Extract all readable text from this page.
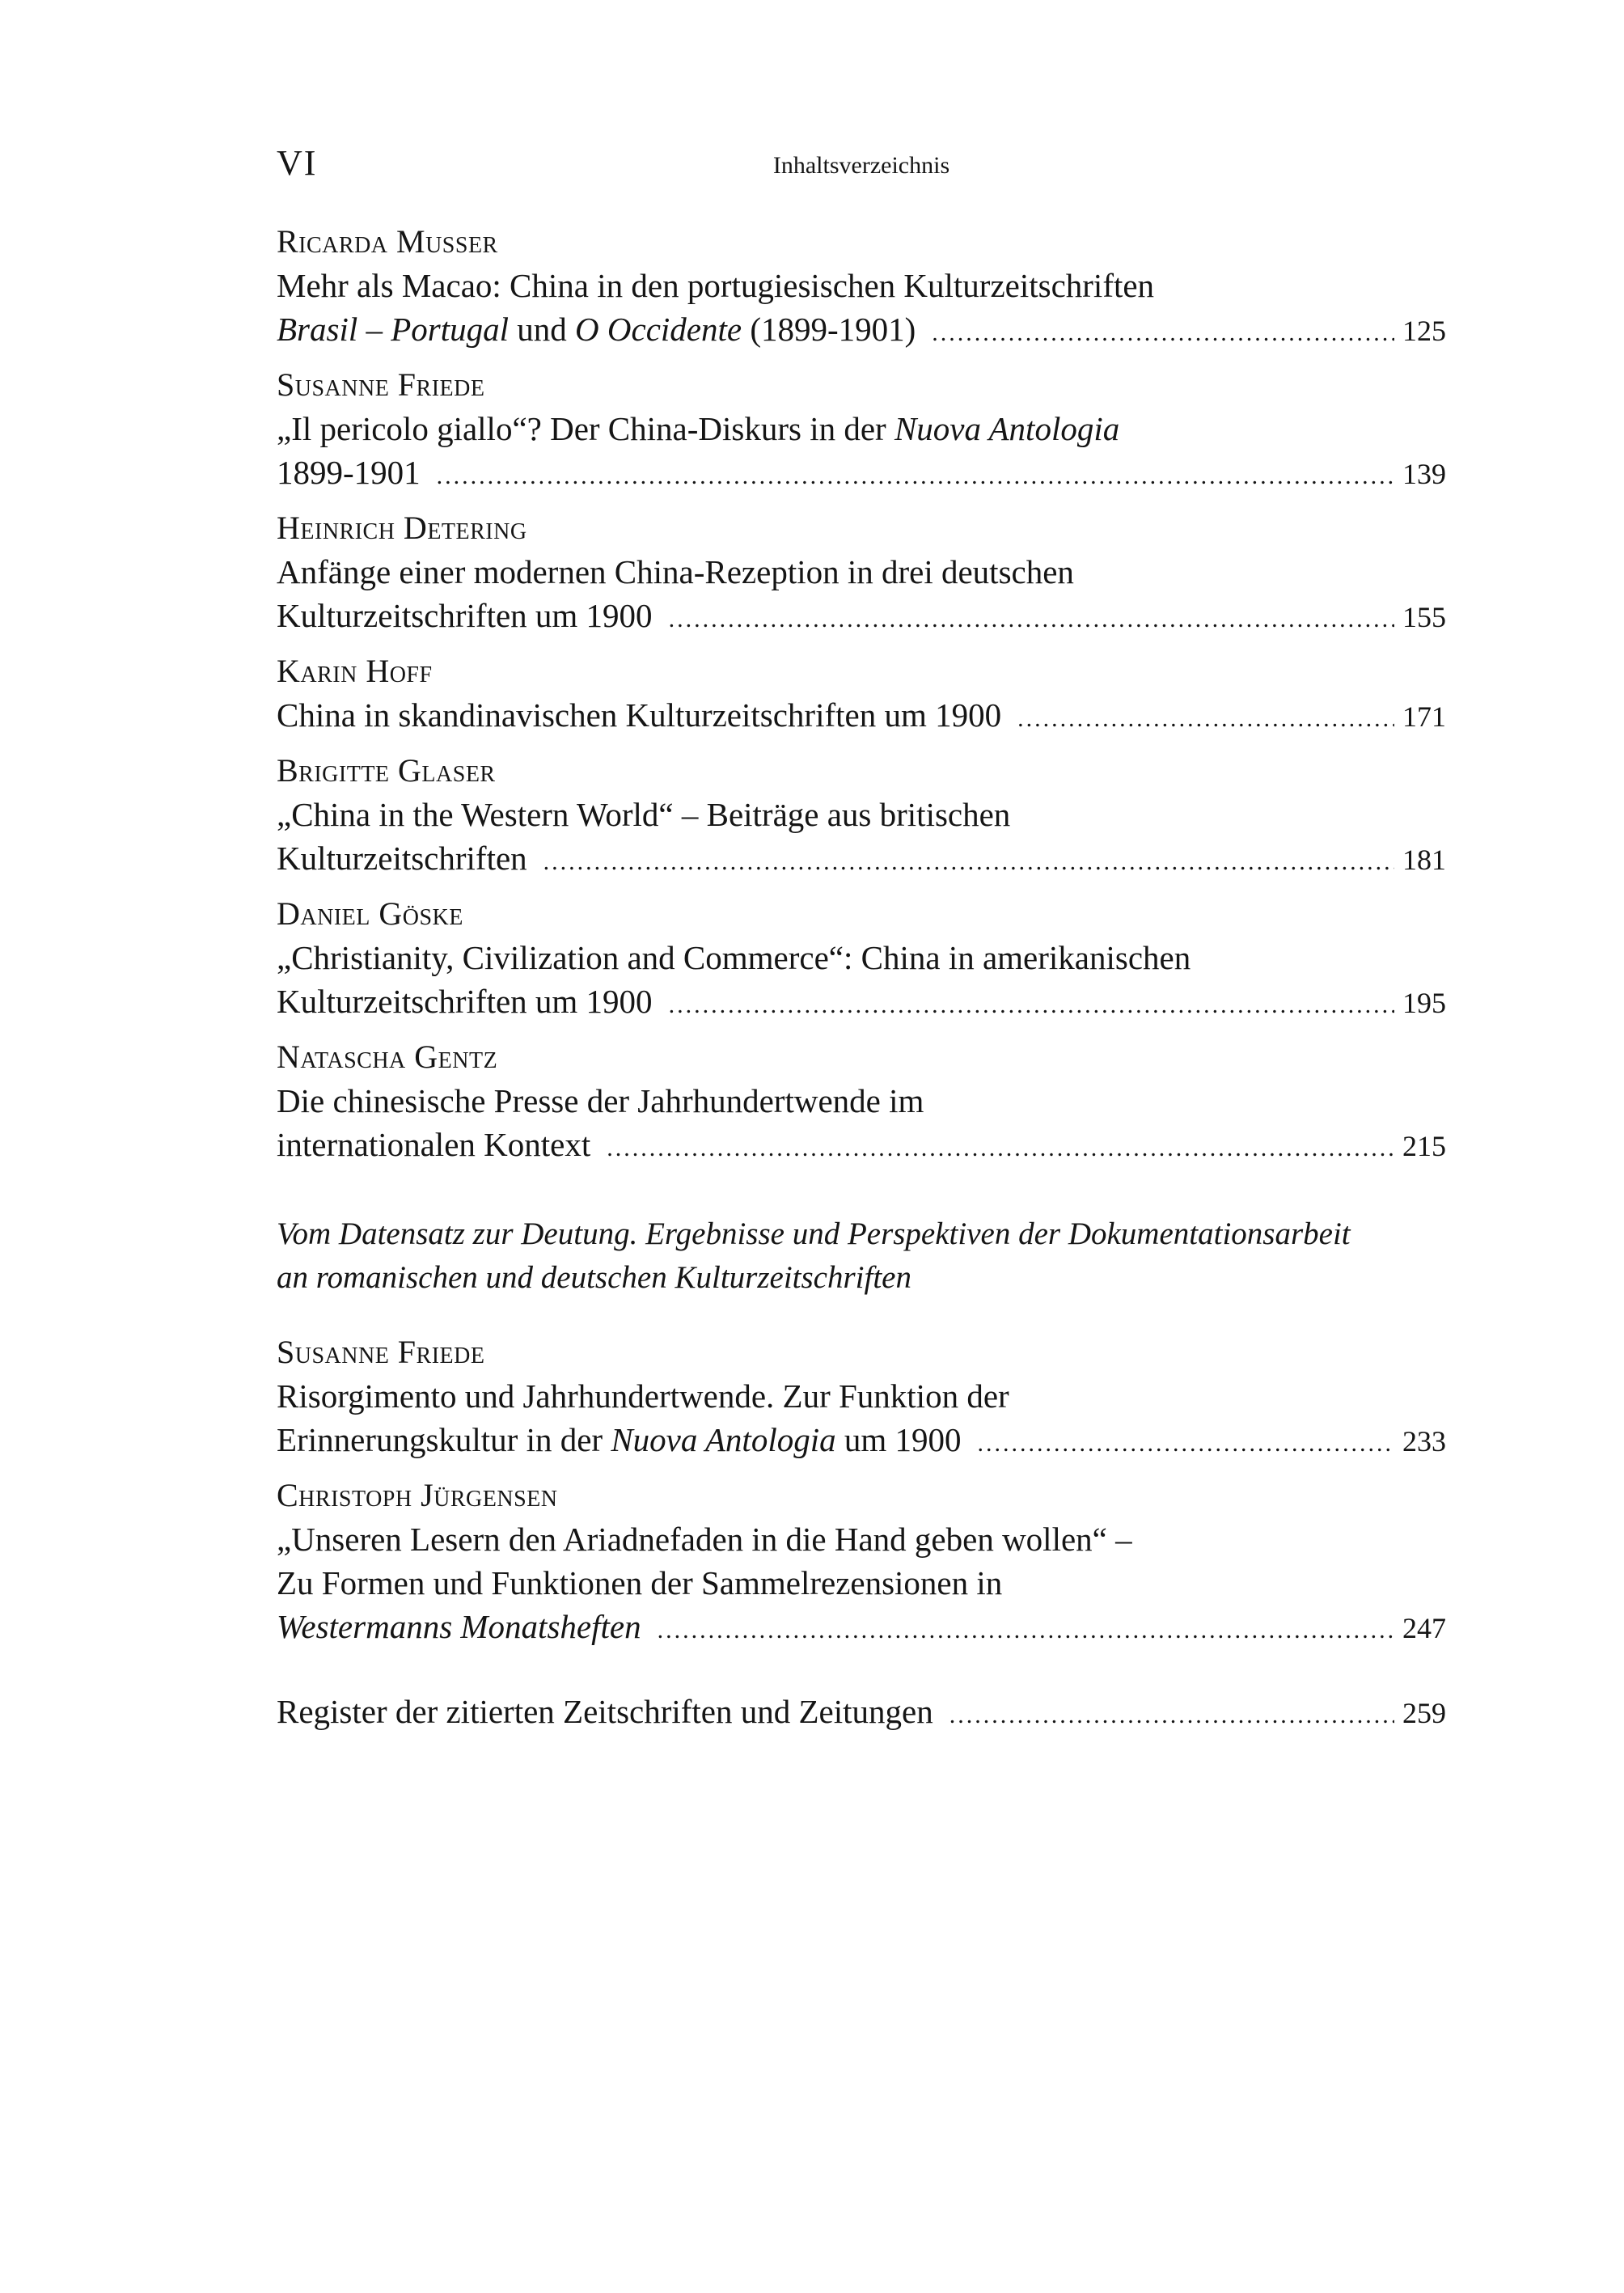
VI	Inhaltsverzeichnis
Ricarda Musser
Mehr als Macao: China in den portugiesischen Kulturzeitschriften
Brasil – Portugal und O Occidente (1899-1901) .....	125
Susanne Friede
„Il pericolo giallo“? Der China-Diskurs in der Nuova Antologia
1899-1901 .....	139
Heinrich Detering
Anfänge einer modernen China-Rezeption in drei deutschen
Kulturzeitschriften um 1900 .....	155
Karin Hoff
China in skandinavischen Kulturzeitschriften um 1900 .....	171
Brigitte Glaser
„China in the Western World“ – Beiträge aus britischen
Kulturzeitschriften .....	181
Daniel Göske
„Christianity, Civilization and Commerce“: China in amerikanischen
Kulturzeitschriften um 1900 .....	195
Natascha Gentz
Die chinesische Presse der Jahrhundertwende im
internationalen Kontext .....	215
Vom Datensatz zur Deutung. Ergebnisse und Perspektiven der Dokumentationsarbeit
an romanischen und deutschen Kulturzeitschriften
Susanne Friede
Risorgimento und Jahrhundertwende. Zur Funktion der
Erinnerungskultur in der Nuova Antologia um 1900 .....	233
Christoph Jürgensen
„Unseren Lesern den Ariadnefaden in die Hand geben wollen“ –
Zu Formen und Funktionen der Sammelrezensionen in
Westermanns Monatsheften .....	247
Register der zitierten Zeitschriften und Zeitungen .....	259
